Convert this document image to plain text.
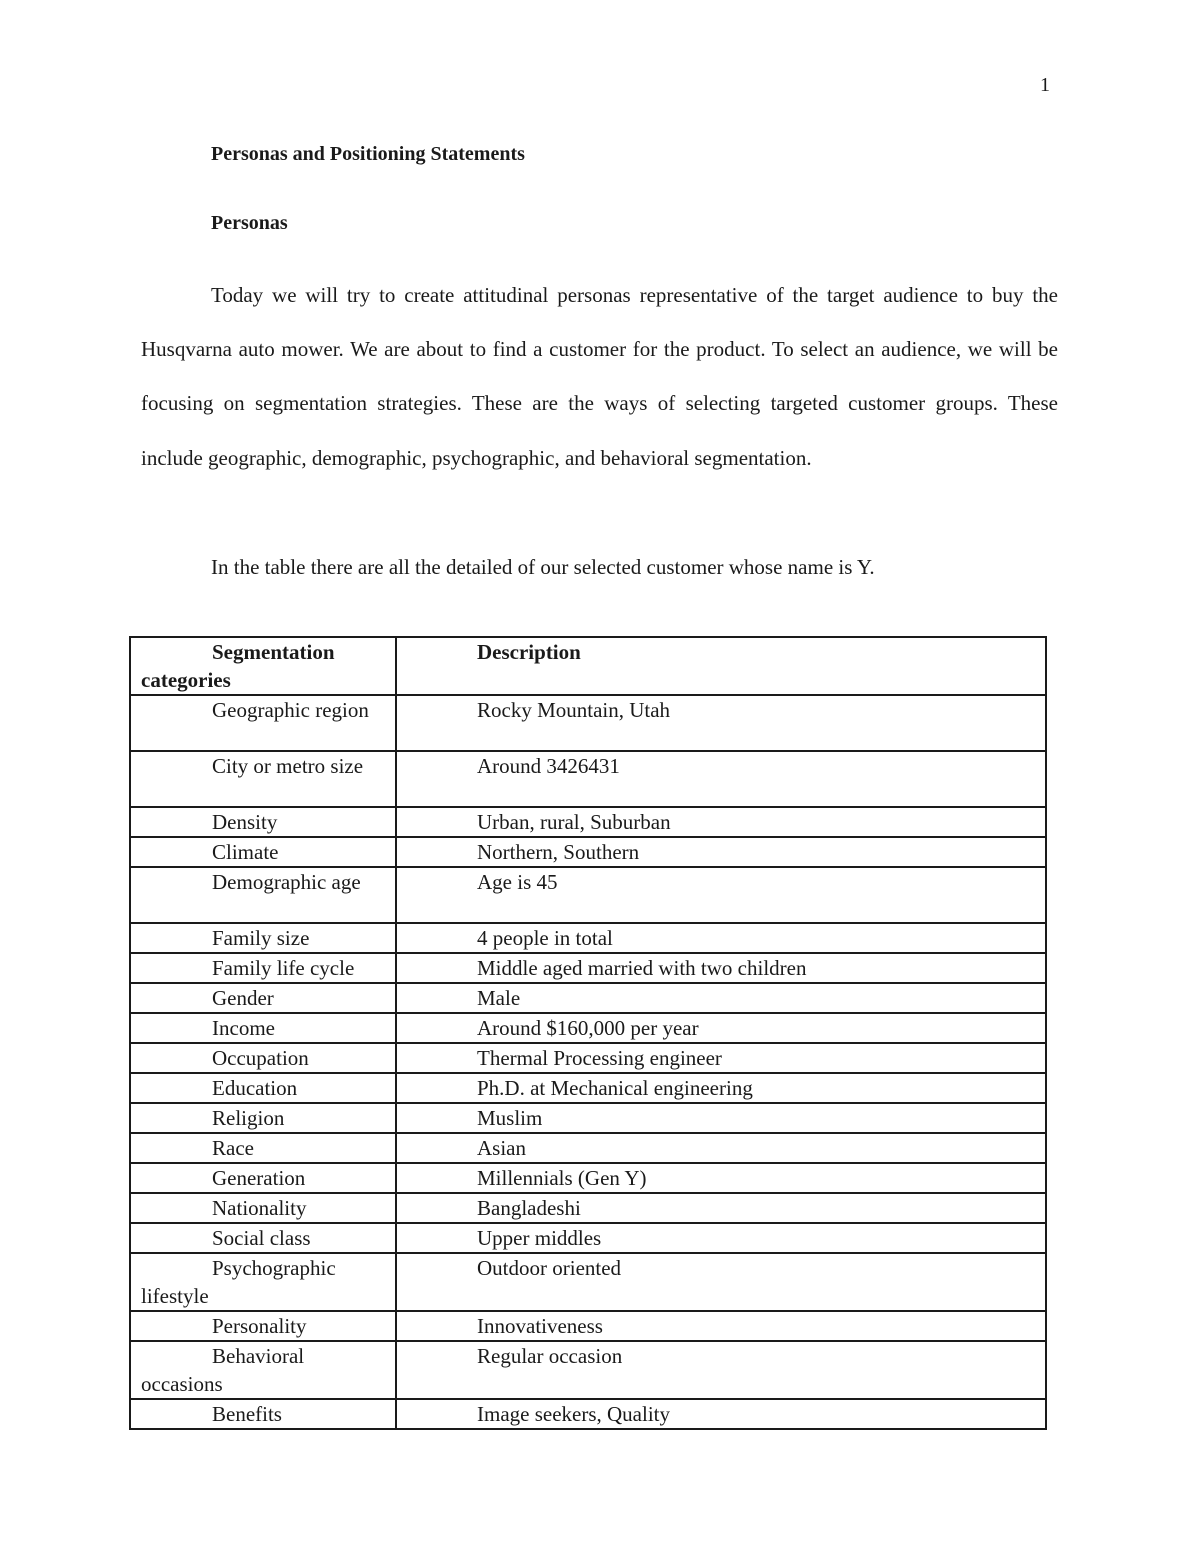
1
Personas and Positioning Statements
Personas

Today we will try to create attitudinal personas representative of the target audience to buy the Husqvarna auto mower. We are about to find a customer for the product. To select an audience, we will be focusing on segmentation strategies. These are the ways of selecting targeted customer groups. These include geographic, demographic, psychographic, and behavioral segmentation.

In the table there are all the detailed of our selected customer whose name is Y.

Segmentation categories	Description

Geographic region	Rocky Mountain, Utah

City or metro size	Around 3426431

Density	Urban, rural, Suburban

Climate	Northern, Southern

Demographic age	Age is 45

Family size	4 people in total

Family life cycle	Middle aged married with two children

Gender	Male

Income	Around $160,000 per year

Occupation	Thermal Processing engineer

Education	Ph.D. at Mechanical engineering

Religion	Muslim

Race	Asian

Generation	Millennials (Gen Y)

Nationality	Bangladeshi

Social class	Upper middles

Psychographic lifestyle	Outdoor oriented

Personality	Innovativeness

Behavioral occasions	Regular occasion

Benefits	Image seekers, Quality
